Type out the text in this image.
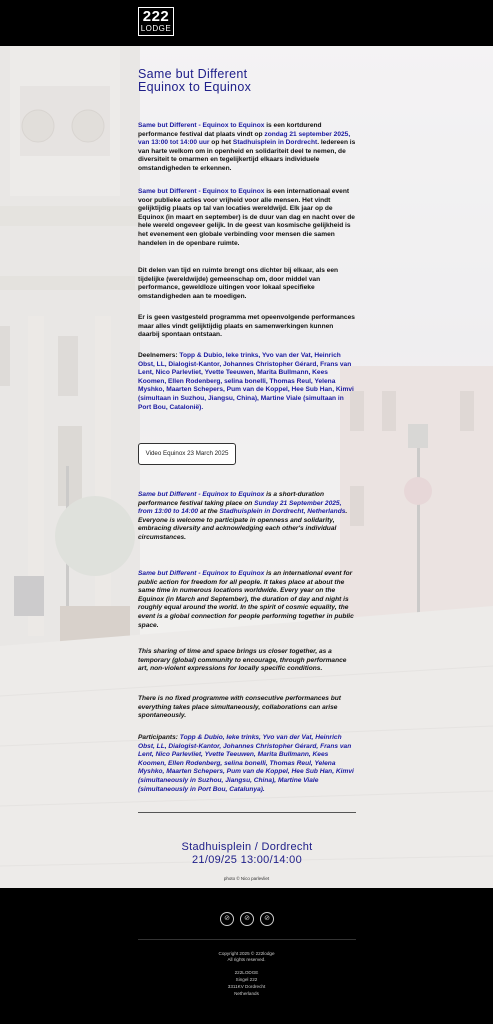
222
LODGE
Same but Different
Equinox to Equinox
Same but Different - Equinox to Equinox is een kortdurend performance festival dat plaats vindt op zondag 21 september 2025, van 13:00 tot 14:00 uur op het Stadhuisplein in Dordrecht. Iedereen is van harte welkom om in openheid en solidariteit deel te nemen, de diversiteit te omarmen en tegelijkertijd elkaars individuele omstandigheden te erkennen.
Same but Different - Equinox to Equinox is een internationaal event voor publieke acties voor vrijheid voor alle mensen. Het vindt gelijktijdig plaats op tal van locaties wereldwijd. Elk jaar op de Equinox (in maart en september) is de duur van dag en nacht over de hele wereld ongeveer gelijk. In de geest van kosmische gelijkheid is het evenement een globale verbinding voor mensen die samen handelen in de openbare ruimte.
Dit delen van tijd en ruimte brengt ons dichter bij elkaar, als een tijdelijke (wereldwijde) gemeenschap om, door middel van performance, geweldloze uitingen voor lokaal specifieke omstandigheden aan te moedigen.
Er is geen vastgesteld programma met opeenvolgende performances maar alles vindt gelijktijdig plaats en samenwerkingen kunnen daarbij spontaan ontstaan.
Deelnemers: Topp & Dubio, Ieke trinks, Yvo van der Vat, Heinrich Obst, LL, Dialogist-Kantor, Johannes Christopher Gérard, Frans van Lent, Nico Parlevliet, Yvette Teeuwen, Marita Bullmann, Kees Koomen, Ellen Rodenberg, selina bonelli, Thomas Reul, Yelena Myshko, Maarten Schepers, Pum van de Koppel, Hee Sub Han, Kimvi (simultaan in Suzhou, Jiangsu, China), Martine Viale (simultaan in Port Bou, Catalonië).
Video Equinox 23 March 2025
Same but Different - Equinox to Equinox is a short-duration performance festival taking place on Sunday 21 September 2025, from 13:00 to 14:00 at the Stadhuisplein in Dordrecht, Netherlands. Everyone is welcome to participate in openness and solidarity, embracing diversity and acknowledging each other's individual circumstances.
Same but Different - Equinox to Equinox is an international event for public action for freedom for all people. It takes place at about the same time in numerous locations worldwide. Every year on the Equinox (in March and September), the duration of day and night is roughly equal around the world. In the spirit of cosmic equality, the event is a global connection for people performing together in public space.
This sharing of time and space brings us closer together, as a temporary (global) community to encourage, through performance art, non-violent expressions for locally specific conditions.
There is no fixed programme with consecutive performances but everything takes place simultaneously, collaborations can arise spontaneously.
Participants: Topp & Dubio, Ieke trinks, Yvo van der Vat, Heinrich Obst, LL, Dialogist-Kantor, Johannes Christopher Gérard, Frans van Lent, Nico Parlevliet, Yvette Teeuwen, Marita Bullmann, Kees Koomen, Ellen Rodenberg, selina bonelli, Thomas Reul, Yelena Myshko, Maarten Schepers, Pum van de Koppel, Hee Sub Han, Kimvi (simultaneously in Suzhou, Jiangsu, China), Martine Viale (simultaneously in Port Bou, Catalunya).
Stadhuisplein / Dordrecht
21/09/25 13:00/14:00
photo © Nico parlevliet
⊘	⊘	⊘
Copyright 2025 © 222lodge
All rights reserved.
222LODGE
Singel 222
3311KV Dordrecht
Netherlands
